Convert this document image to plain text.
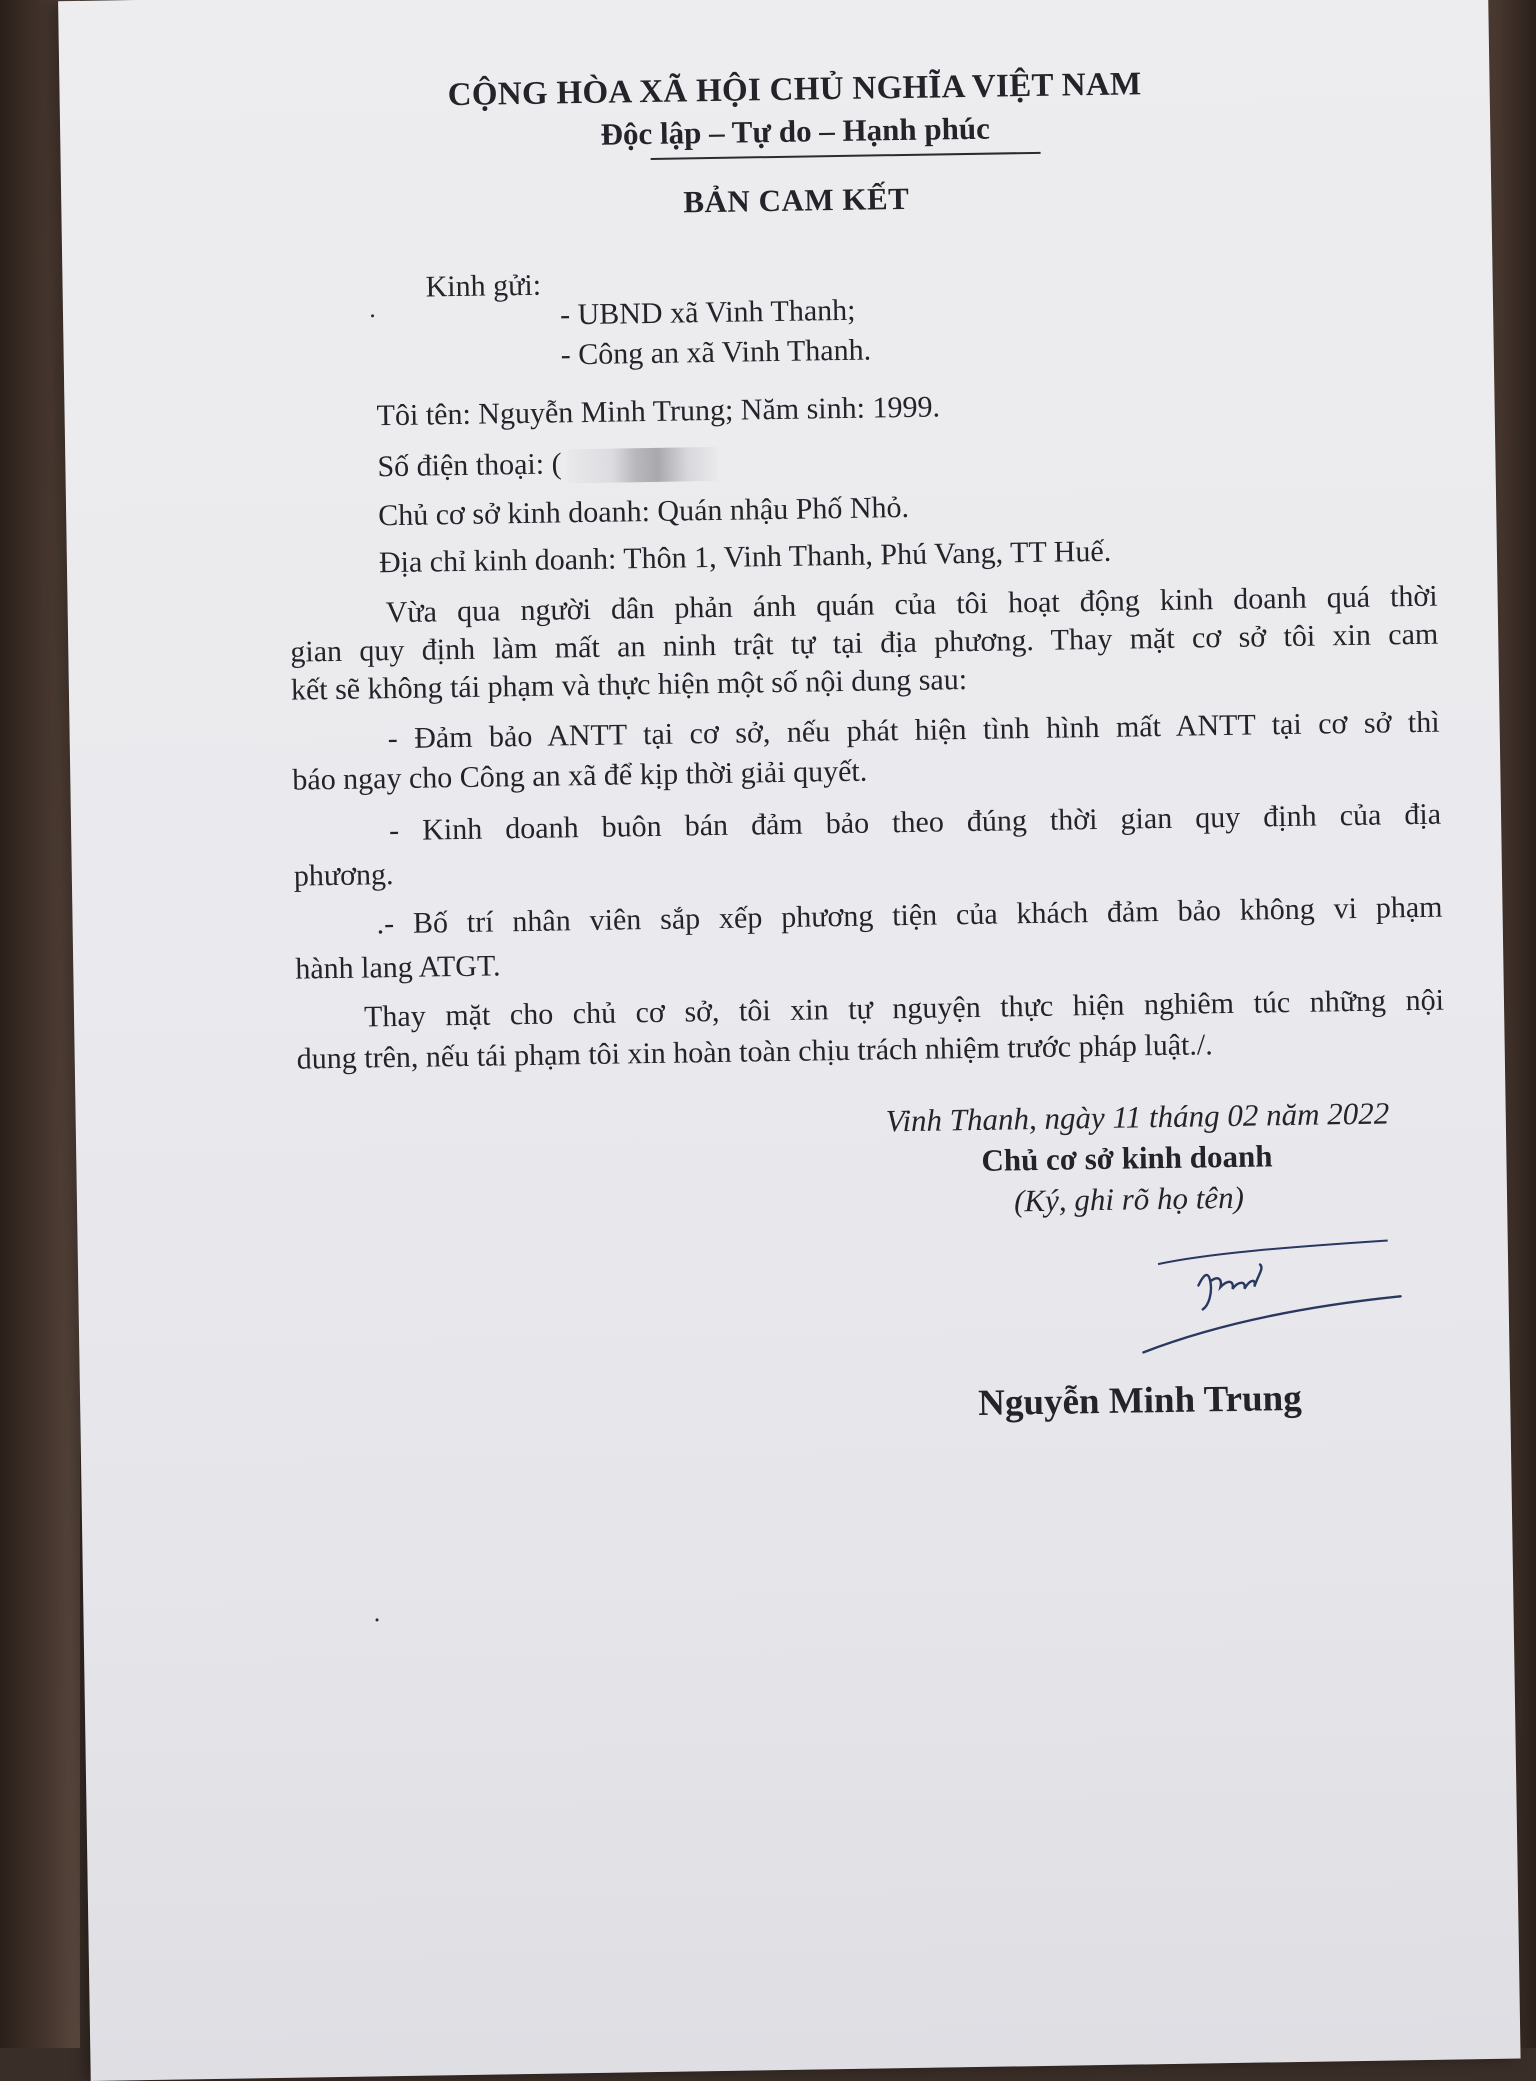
CỘNG HÒA XÃ HỘI CHỦ NGHĨA VIỆT NAM
Độc lập – Tự do – Hạnh phúc
BẢN CAM KẾT
Kinh gửi:
- UBND xã Vinh Thanh;
- Công an xã Vinh Thanh.
Tôi tên: Nguyễn Minh Trung; Năm sinh: 1999.
Số điện thoại: (
Chủ cơ sở kinh doanh: Quán nhậu Phố Nhỏ.
Địa chỉ kinh doanh: Thôn 1, Vinh Thanh, Phú Vang, TT Huế.
Vừa qua người dân phản ánh quán của tôi hoạt động kinh doanh quá thời
gian quy định làm mất an ninh trật tự tại địa phương. Thay mặt cơ sở tôi xin cam
kết sẽ không tái phạm và thực hiện một số nội dung sau:
- Đảm bảo ANTT tại cơ sở, nếu phát hiện tình hình mất ANTT tại cơ sở thì
báo ngay cho Công an xã để kịp thời giải quyết.
- Kinh doanh buôn bán đảm bảo theo đúng thời gian quy định của địa
phương.
.- Bố trí nhân viên sắp xếp phương tiện của khách đảm bảo không vi phạm
hành lang ATGT.
Thay mặt cho chủ cơ sở, tôi xin tự nguyện thực hiện nghiêm túc những nội
dung trên, nếu tái phạm tôi xin hoàn toàn chịu trách nhiệm trước pháp luật./.
Vinh Thanh, ngày 11 tháng 02 năm 2022
Chủ cơ sở kinh doanh
(Ký, ghi rõ họ tên)
Nguyễn Minh Trung
